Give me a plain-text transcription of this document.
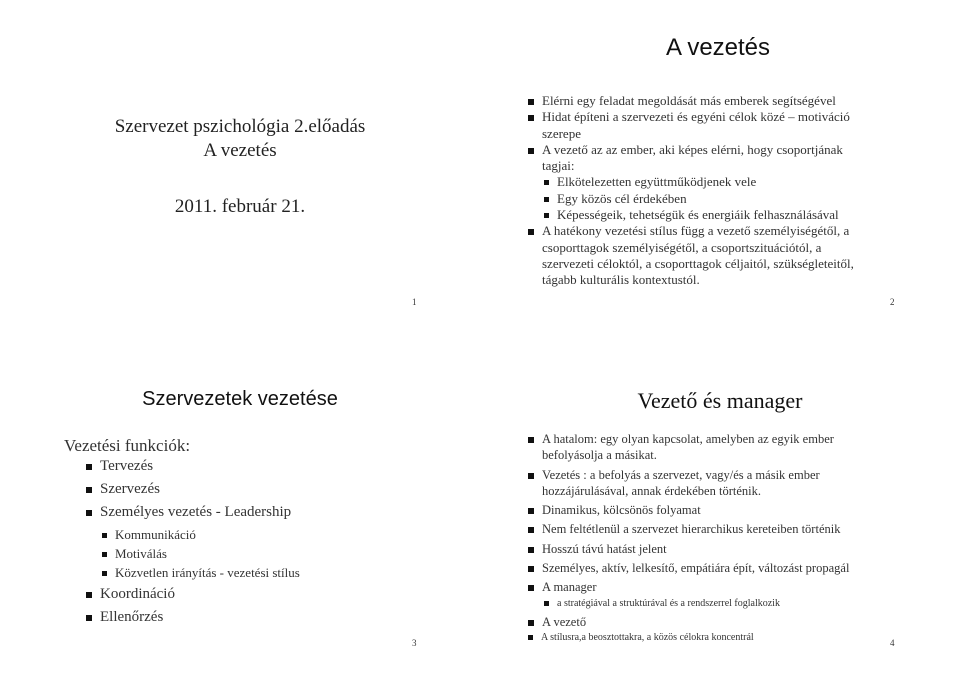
Szervezet pszichológia 2.előadás
A vezetés
2011. február 21.
1
A vezetés
Elérni egy feladat megoldását más emberek segítségével
Hidat építeni a szervezeti és egyéni célok közé – motiváció
szerepe
A vezető az az ember, aki képes elérni, hogy csoportjának
tagjai:
Elkötelezetten együttműködjenek vele
Egy közös cél érdekében
Képességeik, tehetségük és energiáik felhasználásával
A hatékony vezetési stílus függ a vezető személyiségétől, a
csoporttagok személyiségétől, a csoportszituációtól, a
szervezeti céloktól, a csoporttagok céljaitól, szükségleteitől,
tágabb kulturális kontextustól.
2
Szervezetek vezetése
Vezetési funkciók:
Tervezés
Szervezés
Személyes vezetés - Leadership
Kommunikáció
Motiválás
Közvetlen irányítás - vezetési stílus
Koordináció
Ellenőrzés
3
Vezető és manager
A hatalom: egy olyan kapcsolat, amelyben az egyik ember
befolyásolja a másikat.
Vezetés : a befolyás a szervezet, vagy/és a másik ember
hozzájárulásával, annak érdekében történik.
Dinamikus, kölcsönös folyamat
Nem feltétlenül a szervezet hierarchikus kereteiben történik
Hosszú távú hatást jelent
Személyes, aktív, lelkesítő, empátiára épít, változást propagál
A manager
a stratégiával a struktúrával és a rendszerrel foglalkozik
A vezető
A stílusra,a beosztottakra, a közös célokra koncentrál	4
